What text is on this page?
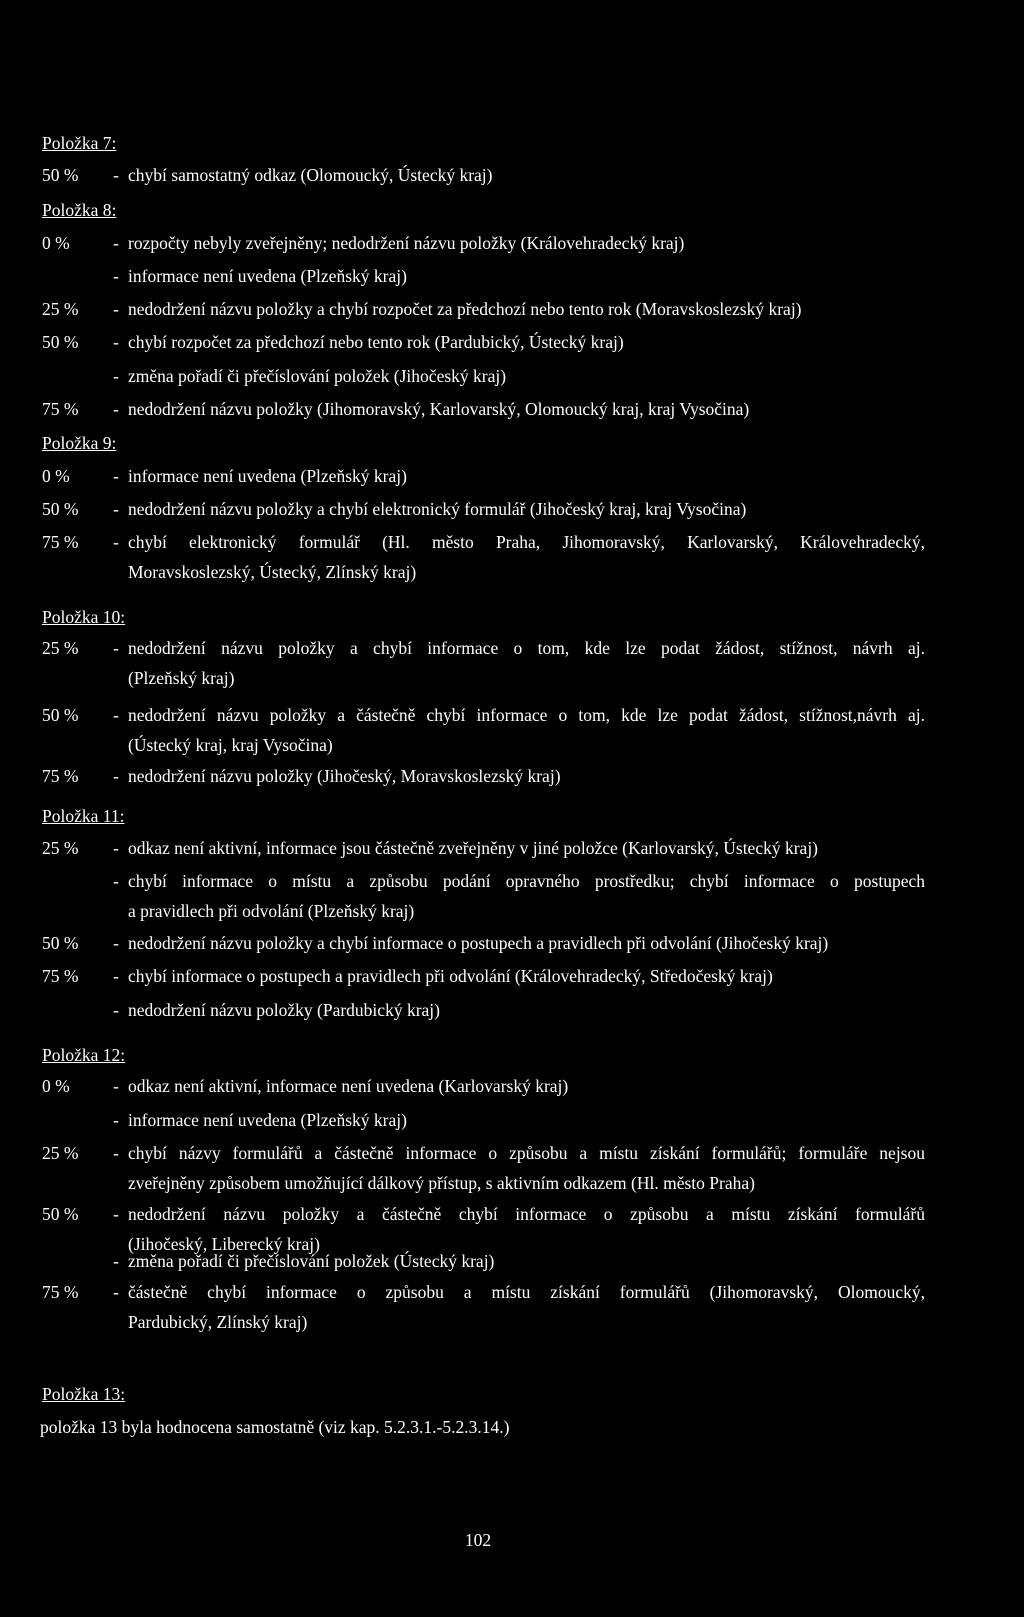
položka 13 byla hodnocena samostatně (viz kap. 5.2.3.1.-5.2.3.14.)
102
Položka 7:
50 % - chybí samostatný odkaz (Olomoucký, Ústecký kraj)
Položka 8:
0 % - rozpočty nebyly zveřejněny; nedodržení názvu položky (Královehradecký kraj)
- informace není uvedena (Plzeňský kraj)
25 % - nedodržení názvu položky a chybí rozpočet za předchozí nebo tento rok (Moravskoslezský kraj)
50 % - chybí rozpočet za předchozí nebo tento rok (Pardubický, Ústecký kraj)
- změna pořadí či přečíslování položek (Jihočeský kraj)
75 % - nedodržení názvu položky (Jihomoravský, Karlovarský, Olomoucký kraj, kraj Vysočina)
Položka 9:
0 % - informace není uvedena (Plzeňský kraj)
50 % - nedodržení názvu položky a chybí elektronický formulář (Jihočeský kraj, kraj Vysočina)
75 % - chybí elektronický formulář (Hl. město Praha, Jihomoravský, Karlovarský, Královehradecký,
Moravskoslezský, Ústecký, Zlínský kraj)
Položka 10:
25 % - nedodržení názvu položky a chybí informace o tom, kde lze podat žádost, stížnost, návrh aj.
(Plzeňský kraj)
50 % - nedodržení názvu položky a částečně chybí informace o tom, kde lze podat žádost, stížnost,návrh aj.
(Ústecký kraj, kraj Vysočina)
75 % - nedodržení názvu položky (Jihočeský, Moravskoslezský kraj)
Položka 11:
25 % - odkaz není aktivní, informace jsou částečně zveřejněny v jiné položce (Karlovarský, Ústecký kraj)
- chybí informace o místu a způsobu podání opravného prostředku; chybí informace o postupech
a pravidlech při odvolání (Plzeňský kraj)
50 % - nedodržení názvu položky a chybí informace o postupech a pravidlech při odvolání (Jihočeský kraj)
75 % - chybí informace o postupech a pravidlech při odvolání (Královehradecký, Středočeský kraj)
- nedodržení názvu položky (Pardubický kraj)
Položka 12:
0 % - odkaz není aktivní, informace není uvedena (Karlovarský kraj)
- informace není uvedena (Plzeňský kraj)
25 % - chybí názvy formulářů a částečně informace o způsobu a místu získání formulářů; formuláře nejsou
zveřejněny způsobem umožňující dálkový přístup, s aktivním odkazem (Hl. město Praha)
50 % - nedodržení názvu položky a částečně chybí informace o způsobu a místu získání formulářů
(Jihočeský, Liberecký kraj)
- změna pořadí či přečíslování položek (Ústecký kraj)
75 % - částečně chybí informace o způsobu a místu získání formulářů (Jihomoravský, Olomoucký,
Pardubický, Zlínský kraj)
Položka 13:
